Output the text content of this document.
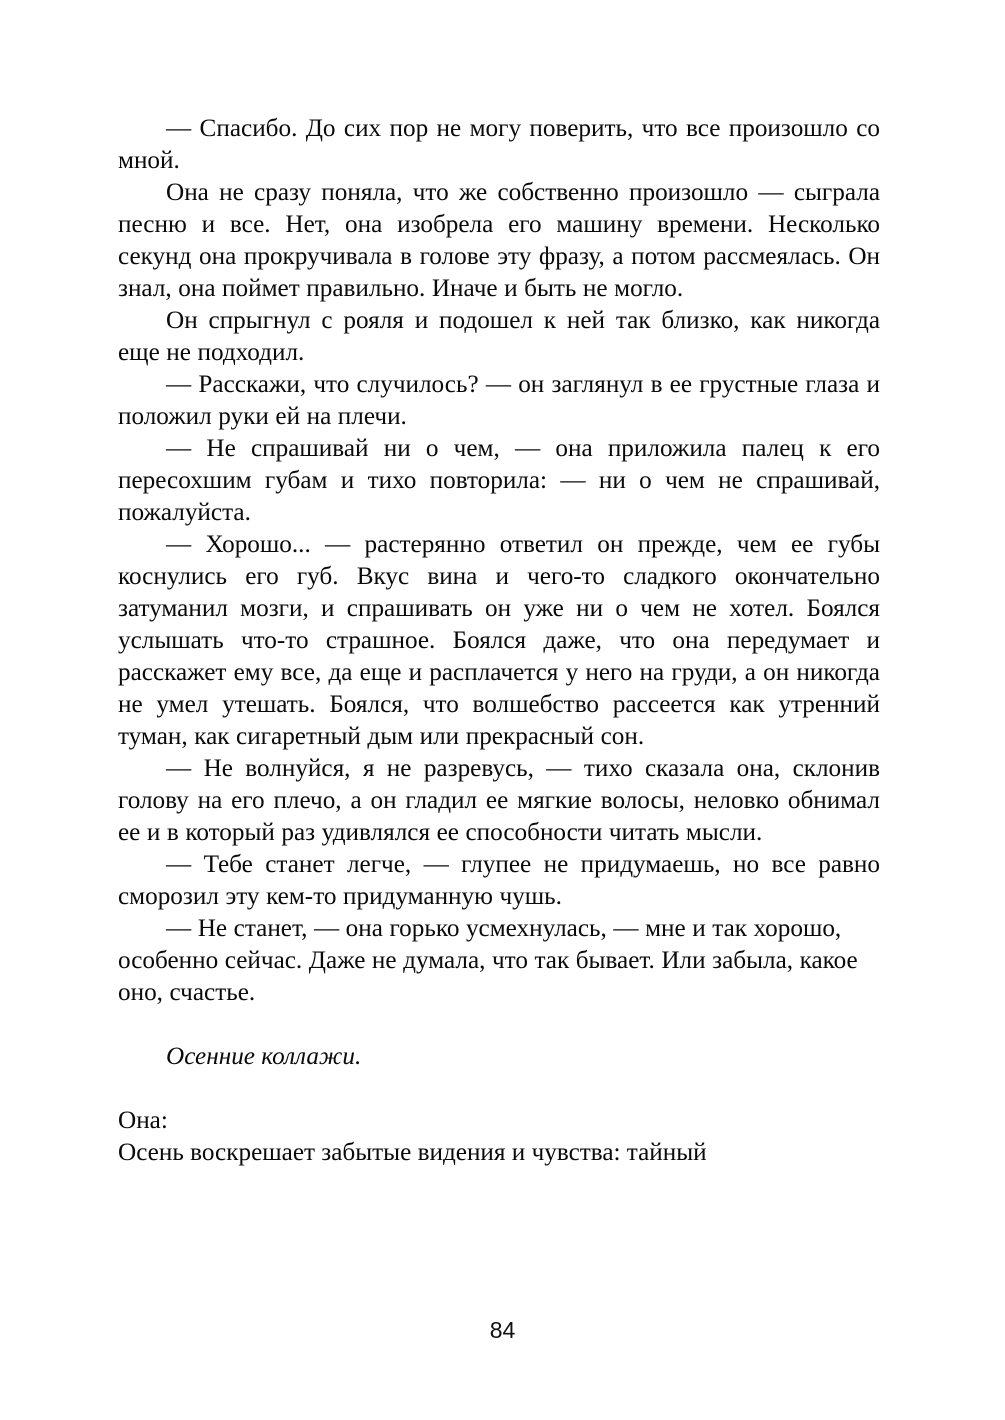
— Спасибо. До сих пор не могу поверить, что все произошло со мной.

Она не сразу поняла, что же собственно произошло — сыграла песню и все. Нет, она изобрела его машину времени. Несколько секунд она прокручивала в голове эту фразу, а потом рассмеялась. Он знал, она поймет правильно. Иначе и быть не могло.

Он спрыгнул с рояля и подошел к ней так близко, как никогда еще не подходил.

— Расскажи, что случилось? — он заглянул в ее грустные глаза и положил руки ей на плечи.

— Не спрашивай ни о чем, — она приложила палец к его пересохшим губам и тихо повторила: — ни о чем не спрашивай, пожалуйста.

— Хорошо... — растерянно ответил он прежде, чем ее губы коснулись его губ. Вкус вина и чего-то сладкого окончательно затуманил мозги, и спрашивать он уже ни о чем не хотел. Боялся услышать что-то страшное. Боялся даже, что она передумает и расскажет ему все, да еще и расплачется у него на груди, а он никогда не умел утешать. Боялся, что волшебство рассеется как утренний туман, как сигаретный дым или прекрасный сон.

— Не волнуйся, я не разревусь, — тихо сказала она, склонив голову на его плечо, а он гладил ее мягкие волосы, неловко обнимал ее и в который раз удивлялся ее способности читать мысли.

— Тебе станет легче, — глупее не придумаешь, но все равно сморозил эту кем-то придуманную чушь.

— Не станет, — она горько усмехнулась, — мне и так хорошо, особенно сейчас. Даже не думала, что так бывает. Или забыла, какое оно, счастье.

Осенние коллажи.

Она:

Осень воскрешает забытые видения и чувства: тайный

84
